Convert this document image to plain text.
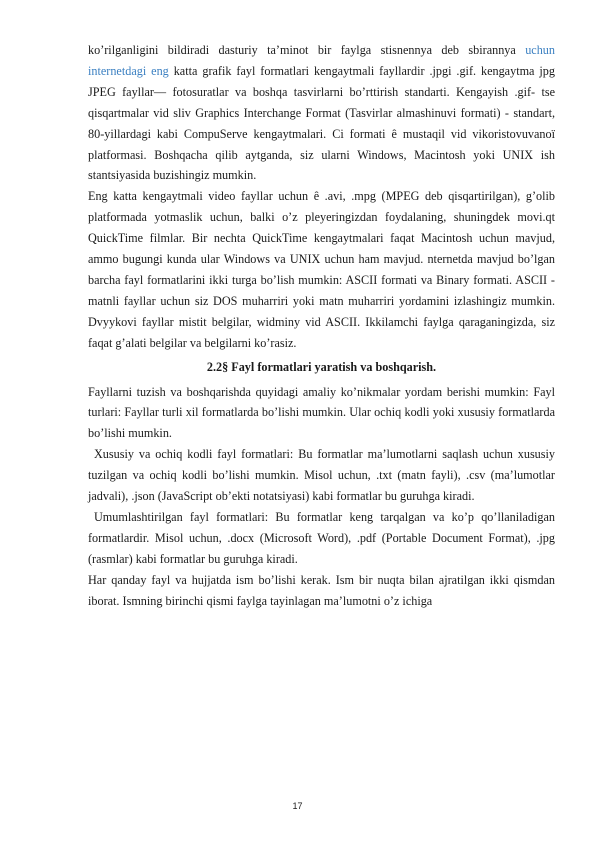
ko’rilganligini bildiradi dasturiy ta’minot bir faylga stisnennya deb sbirannya uchun internetdagi eng katta grafik fayl formatlari kengaytmali fayllardir .jpgi .gif. kengaytma jpg JPEG fayllar— fotosuratlar va boshqa tasvirlarni bo’rttirish standarti. Kengayish .gif- tse qisqartmalar vid sliv Graphics Interchange Format (Tasvirlar almashinuvi formati) - standart, 80-yillardagi kabi CompuServe kengaytmalari. Ci formati ê mustaqil vid vikoristovuvanoï platformasi. Boshqacha qilib aytganda, siz ularni Windows, Macintosh yoki UNIX ish stantsiyasida buzishingiz mumkin.

Eng katta kengaytmali video fayllar uchun ê .avi, .mpg (MPEG deb qisqartirilgan), g’olib platformada yotmaslik uchun, balki o’z pleyeringizdan foydalaning, shuningdek movi.qt QuickTime filmlar. Bir nechta QuickTime kengaytmalari faqat Macintosh uchun mavjud, ammo bugungi kunda ular Windows va UNIX uchun ham mavjud. nternetda mavjud bo’lgan barcha fayl formatlarini ikki turga bo’lish mumkin: ASCII formati va Binary formati. ASCII - matnli fayllar uchun siz DOS muharriri yoki matn muharriri yordamini izlashingiz mumkin. Dvyykovi fayllar mistit belgilar, widminy vid ASCII. Ikkilamchi faylga qaraganingizda, siz faqat g’alati belgilar va belgilarni ko’rasiz.

2.2§ Fayl formatlari yaratish va boshqarish.

Fayllarni tuzish va boshqarishda quyidagi amaliy ko’nikmalar yordam berishi mumkin: Fayl turlari: Fayllar turli xil formatlarda bo’lishi mumkin. Ular ochiq kodli yoki xususiy formatlarda bo’lishi mumkin.

Xususiy va ochiq kodli fayl formatlari: Bu formatlar ma’lumotlarni saqlash uchun xususiy tuzilgan va ochiq kodli bo’lishi mumkin. Misol uchun, .txt (matn fayli), .csv (ma’lumotlar jadvali), .json (JavaScript ob’ekti notatsiyasi) kabi formatlar bu guruhga kiradi.

Umumlashtirilgan fayl formatlari: Bu formatlar keng tarqalgan va ko’p qo’llaniladigan formatlardir. Misol uchun, .docx (Microsoft Word), .pdf (Portable Document Format), .jpg (rasmlar) kabi formatlar bu guruhga kiradi.

Har qanday fayl va hujjatda ism bo’lishi kerak. Ism bir nuqta bilan ajratilgan ikki qismdan iborat. Ismning birinchi qismi faylga tayinlagan ma’lumotni o’z ichiga

17
